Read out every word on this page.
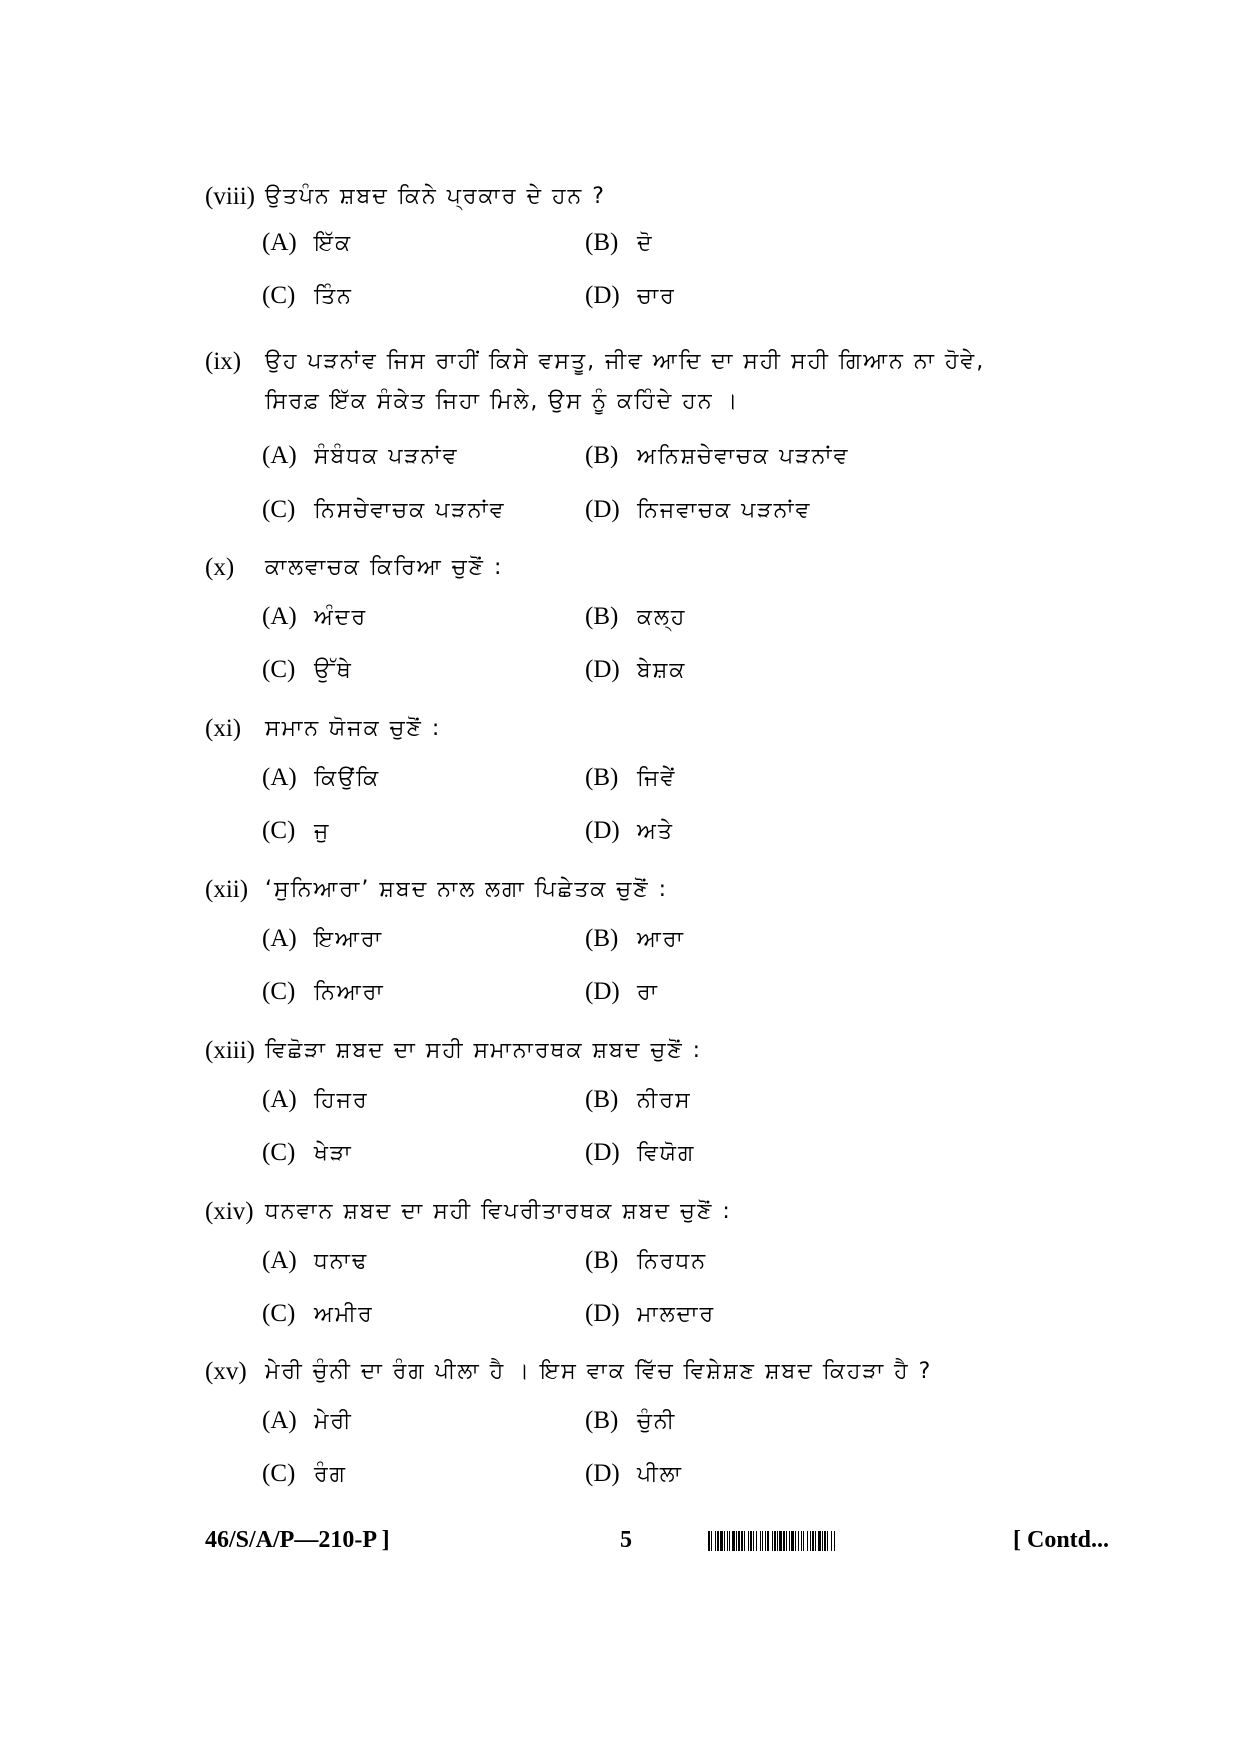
(viii) ਉਤਪੰਨ ਸ਼ਬਦ ਕਿਨੇ ਪ੍ਰਕਾਰ ਦੇ ਹਨ ?
(A) ਇੱਕ	(B) ਦੋ
(C) ਤਿੰਨ	(D) ਚਾਰ
(ix) ਉਹ ਪੜਨਾਂਵ ਜਿਸ ਰਾਹੀਂ ਕਿਸੇ ਵਸਤੂ, ਜੀਵ ਆਦਿ ਦਾ ਸਹੀ ਸਹੀ ਗਿਆਨ ਨਾ ਹੋਵੇ,
ਸਿਰਫ਼ ਇੱਕ ਸੰਕੇਤ ਜਿਹਾ ਮਿਲੇ, ਉਸ ਨੂੰ ਕਹਿੰਦੇ ਹਨ ।
(A) ਸੰਬੰਧਕ ਪੜਨਾਂਵ	(B) ਅਨਿਸ਼ਚੇਵਾਚਕ ਪੜਨਾਂਵ
(C) ਨਿਸਚੇਵਾਚਕ ਪੜਨਾਂਵ	(D) ਨਿਜਵਾਚਕ ਪੜਨਾਂਵ
(x) ਕਾਲਵਾਚਕ ਕਿਰਿਆ ਚੁਣੋਂ :
(A) ਅੰਦਰ	(B) ਕਲ੍ਹ
(C) ਉੱਥੇ	(D) ਬੇਸ਼ਕ
(xi) ਸਮਾਨ ਯੋਜਕ ਚੁਣੋਂ :
(A) ਕਿਉਂਕਿ	(B) ਜਿਵੇਂ
(C) ਜੁ	(D) ਅਤੇ
(xii) ‘ਸੁਨਿਆਰਾ’ ਸ਼ਬਦ ਨਾਲ ਲਗਾ ਪਿਛੇਤਕ ਚੁਣੋਂ :
(A) ਇਆਰਾ	(B) ਆਰਾ
(C) ਨਿਆਰਾ	(D) ਰਾ
(xiii) ਵਿਛੋੜਾ ਸ਼ਬਦ ਦਾ ਸਹੀ ਸਮਾਨਾਰਥਕ ਸ਼ਬਦ ਚੁਣੋਂ :
(A) ਹਿਜਰ	(B) ਨੀਰਸ
(C) ਖੇੜਾ	(D) ਵਿਯੋਗ
(xiv) ਧਨਵਾਨ ਸ਼ਬਦ ਦਾ ਸਹੀ ਵਿਪਰੀਤਾਰਥਕ ਸ਼ਬਦ ਚੁਣੋਂ :
(A) ਧਨਾਢ	(B) ਨਿਰਧਨ
(C) ਅਮੀਰ	(D) ਮਾਲਦਾਰ
(xv) ਮੇਰੀ ਚੁੰਨੀ ਦਾ ਰੰਗ ਪੀਲਾ ਹੈ । ਇਸ ਵਾਕ ਵਿੱਚ ਵਿਸ਼ੇਸ਼ਣ ਸ਼ਬਦ ਕਿਹੜਾ ਹੈ ?
(A) ਮੇਰੀ	(B) ਚੁੰਨੀ
(C) ਰੰਗ	(D) ਪੀਲਾ
46/S/A/P—210-P ]	5	[ Contd...
